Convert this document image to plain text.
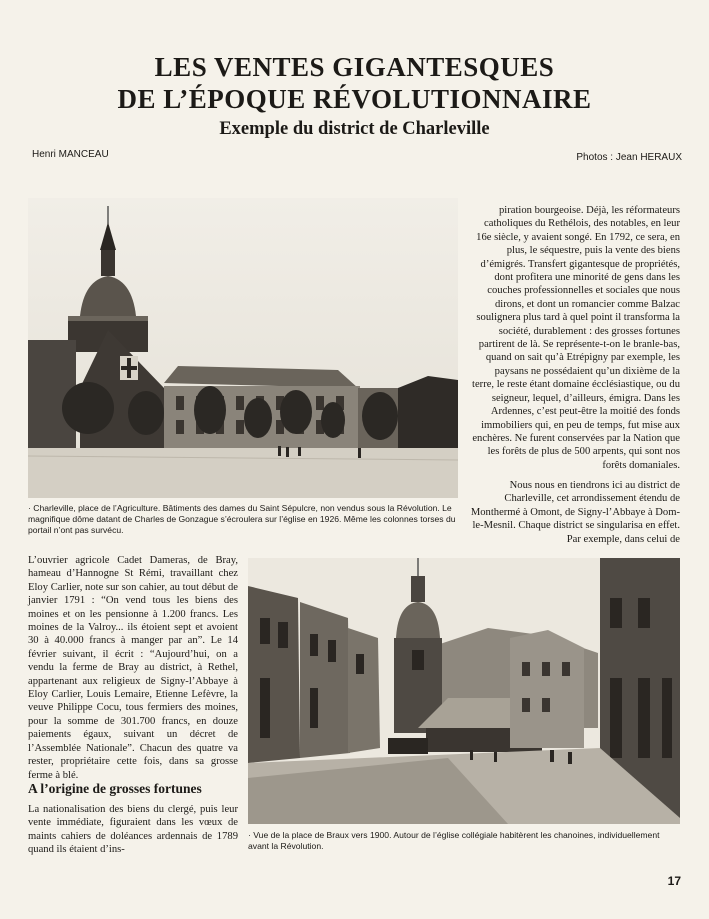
LES VENTES GIGANTESQUES
DE L’ÉPOQUE RÉVOLUTIONNAIRE
Exemple du district de Charleville
Henri MANCEAU	Photos : Jean HERAUX

· Charleville, place de l’Agriculture. Bâtiments des dames du Saint Sépulcre, non vendus sous la Révolution. Le magnifique dôme datant de Charles de Gonzague s’écroulera sur l’église en 1926. Même les colonnes torses du portail n’ont pas survécu.

piration bourgeoise. Déjà, les réformateurs catholiques du Rethélois, des notables, en leur 16e siècle, y avaient songé. En 1792, ce sera, en plus, le séquestre, puis la vente des biens d’émigrés. Transfert gigantesque de propriétés, dont profitera une minorité de gens dans les couches professionnelles et sociales que nous dirons, et dont un romancier comme Balzac soulignera plus tard à quel point il transforma la société, durablement : des grosses fortunes partirent de là. Se représente-t-on le branle-bas, quand on sait qu’à Etrépigny par exemple, les paysans ne possédaient qu’un dixième de la terre, le reste étant domaine écclésiastique, ou du seigneur, lequel, d’ailleurs, émigra. Dans les Ardennes, c’est peut-être la moitié des fonds immobiliers qui, en peu de temps, fut mise aux enchères. Ne furent conservées par la Nation que les forêts de plus de 500 arpents, qui sont nos forêts domaniales.

Nous nous en tiendrons ici au district de Charleville, cet arrondissement étendu de Monthermé à Omont, de Signy-l’Abbaye à Dom-le-Mesnil. Chaque district se singularisa en effet. Par exemple, dans celui de

L’ouvrier agricole Cadet Dameras, de Bray, hameau d’Hannogne St Rémi, travaillant chez Eloy Carlier, note sur son cahier, au tout début de janvier 1791 : “On vend tous les biens des moines et on les pensionne à 1.200 francs. Les moines de la Valroy... ils étoient sept et avoient 30 à 40.000 francs à manger par an”. Le 14 février suivant, il écrit : “Aujourd’hui, on a vendu la ferme de Bray au district, à Rethel, appartenant aux religieux de Signy-l’Abbaye à Eloy Carlier, Louis Lemaire, Etienne Lefèvre, la veuve Philippe Cocu, tous fermiers des moines, pour la somme de 301.700 francs, en douze paiements égaux, suivant un décret de l’Assemblée Nationale”. Chacun des quatre va rester, propriétaire cette fois, dans sa grosse ferme à blé.

A l’origine de grosses fortunes

La nationalisation des biens du clergé, puis leur vente immédiate, figuraient dans les vœux de maints cahiers de doléances ardennais de 1789 quand ils étaient d’ins-

· Vue de la place de Braux vers 1900. Autour de l’église collégiale habitèrent les chanoines, individuellement avant la Révolution.

17
